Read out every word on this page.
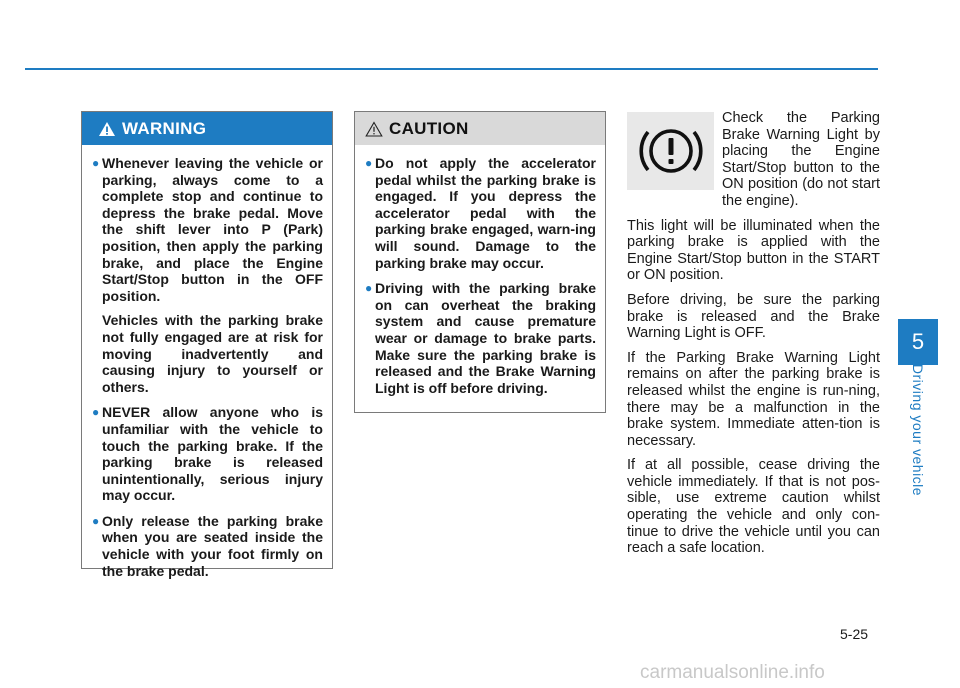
WARNING
● Whenever leaving the vehicle or parking, always come to a complete stop and continue to depress the brake pedal. Move the shift lever into P (Park) position, then apply the parking brake, and place the Engine Start/Stop button in the OFF position.

Vehicles with the parking brake not fully engaged are at risk for moving inadvertently and causing injury to yourself or others.

● NEVER allow anyone who is unfamiliar with the vehicle to touch the parking brake. If the parking brake is released unintentionally, serious injury may occur.

● Only release the parking brake when you are seated inside the vehicle with your foot firmly on the brake pedal.

CAUTION
● Do not apply the accelerator pedal whilst the parking brake is engaged. If you depress the accelerator pedal with the parking brake engaged, warn-ing will sound. Damage to the parking brake may occur.

● Driving with the parking brake on can overheat the braking system and cause premature wear or damage to brake parts. Make sure the parking brake is released and the Brake Warning Light is off before driving.

Check the Parking Brake Warning Light by placing the Engine Start/Stop button to the ON position (do not start the engine).

This light will be illuminated when the parking brake is applied with the Engine Start/Stop button in the START or ON position.

Before driving, be sure the parking brake is released and the Brake Warning Light is OFF.

If the Parking Brake Warning Light remains on after the parking brake is released whilst the engine is run-ning, there may be a malfunction in the brake system. Immediate atten-tion is necessary.

If at all possible, cease driving the vehicle immediately. If that is not pos-sible, use extreme caution whilst operating the vehicle and only con-tinue to drive the vehicle until you can reach a safe location.

5
Driving your vehicle
5-25
carmanualsonline.info
